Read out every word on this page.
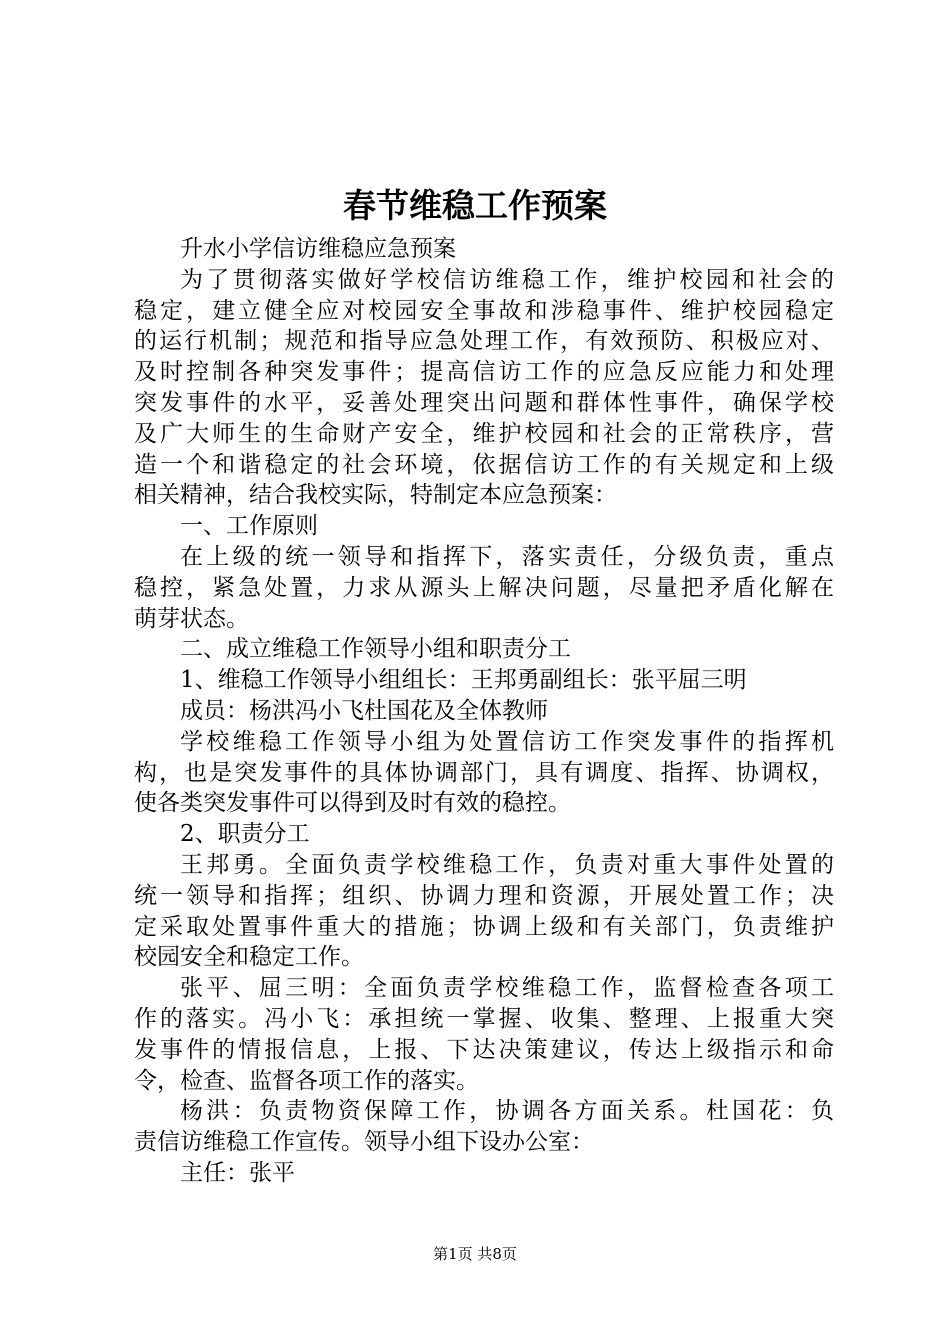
春节维稳工作预案

升水小学信访维稳应急预案

为了贯彻落实做好学校信访维稳工作，维护校园和社会的

稳定，建立健全应对校园安全事故和涉稳事件、维护校园稳定

的运行机制；规范和指导应急处理工作，有效预防、积极应对、

及时控制各种突发事件；提高信访工作的应急反应能力和处理

突发事件的水平，妥善处理突出问题和群体性事件，确保学校

及广大师生的生命财产安全，维护校园和社会的正常秩序，营

造一个和谐稳定的社会环境，依据信访工作的有关规定和上级

相关精神，结合我校实际，特制定本应急预案：

一、工作原则

在上级的统一领导和指挥下，落实责任，分级负责，重点

稳控，紧急处置，力求从源头上解决问题，尽量把矛盾化解在

萌芽状态。

二、成立维稳工作领导小组和职责分工

1、维稳工作领导小组组长：王邦勇副组长：张平屈三明

成员：杨洪冯小飞杜国花及全体教师

学校维稳工作领导小组为处置信访工作突发事件的指挥机

构，也是突发事件的具体协调部门，具有调度、指挥、协调权，

使各类突发事件可以得到及时有效的稳控。

2、职责分工

王邦勇。全面负责学校维稳工作，负责对重大事件处置的

统一领导和指挥；组织、协调力理和资源，开展处置工作；决

定采取处置事件重大的措施；协调上级和有关部门，负责维护

校园安全和稳定工作。

张平、屈三明：全面负责学校维稳工作，监督检查各项工

作的落实。冯小飞：承担统一掌握、收集、整理、上报重大突

发事件的情报信息，上报、下达决策建议，传达上级指示和命

令，检查、监督各项工作的落实。

杨洪：负责物资保障工作，协调各方面关系。杜国花：负

责信访维稳工作宣传。领导小组下设办公室：

主任：张平

第1页 共8页
